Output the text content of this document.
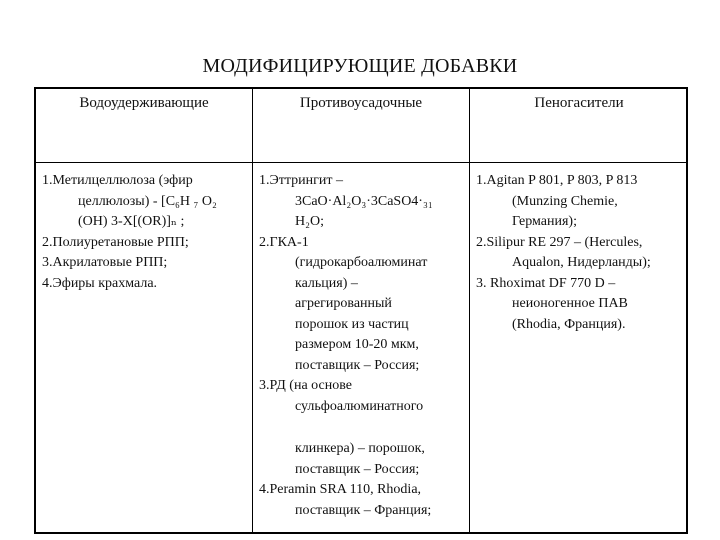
МОДИФИЦИРУЮЩИЕ ДОБАВКИ
Водоудерживающие	Противоусадочные	Пеногасители
1.Метилцеллюлоза (эфир
целлюлозы) - [C₆H ₇ O₂
(OH) 3-X[(OR)]ₙ ;
2.Полиуретановые РПП;
3.Акрилатовые РПП;
4.Эфиры крахмала.
1.Эттрингит –
3CaO·Al₂O₃·3CaSO4·₃₁
H₂O;
2.ГКА-1
(гидрокарбоалюминат
кальция) –
агрегированный
порошок из частиц
размером 10-20 мкм,
поставщик – Россия;
3.РД (на основе
сульфоалюминатного
клинкера) – порошок,
поставщик – Россия;
4.Peramin SRA 110, Rhodia,
поставщик – Франция;
1.Agitan P 801, P 803, P 813
(Munzing Chemie,
Германия);
2.Silipur RE 297 – (Hercules,
Aqualon, Нидерланды);
3. Rhoximat DF 770 D –
неионогенное ПАВ
(Rhodia, Франция).
